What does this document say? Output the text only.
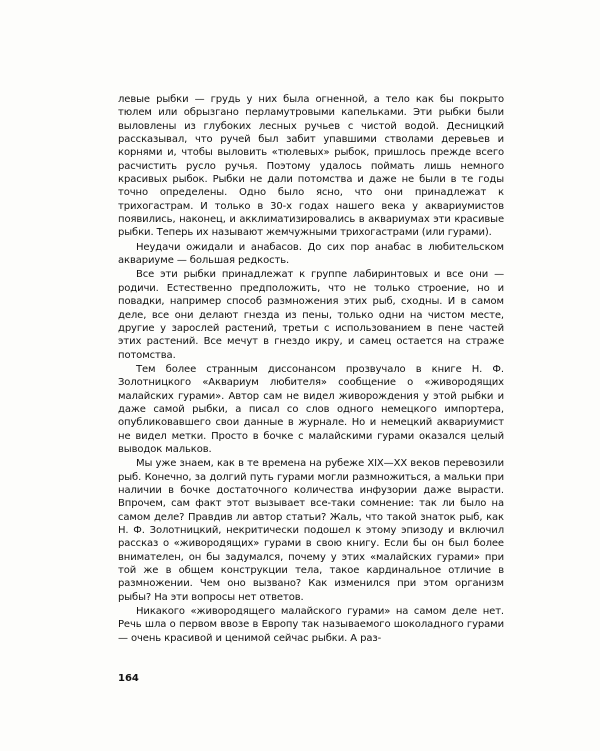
левые рыбки — грудь у них была огненной, а тело как бы покрыто тюлем или обрызгано перламутровыми капельками. Эти рыбки были выловлены из глубоких лесных ручьев с чистой водой. Десницкий рассказывал, что ручей был забит упавшими стволами деревьев и корнями и, чтобы выловить «тюлевых» рыбок, пришлось прежде всего расчистить русло ручья. Поэтому удалось поймать лишь немного красивых рыбок. Рыбки не дали потомства и даже не были в те годы точно определены. Одно было ясно, что они принадлежат к трихогастрам. И только в 30-х годах нашего века у аквариумистов появились, наконец, и акклиматизировались в аквариумах эти красивые рыбки. Теперь их называют жемчужными трихогастрами (или гурами).

Неудачи ожидали и анабасов. До сих пор анабас в любительском аквариуме — большая редкость.

Все эти рыбки принадлежат к группе лабиринтовых и все они — родичи. Естественно предположить, что не только строение, но и повадки, например способ размножения этих рыб, сходны. И в самом деле, все они делают гнезда из пены, только одни на чистом месте, другие у зарослей растений, третьи с использованием в пене частей этих растений. Все мечут в гнездо икру, и самец остается на страже потомства.

Тем более странным диссонансом прозвучало в книге Н. Ф. Золотницкого «Аквариум любителя» сообщение о «живородящих малайских гурами». Автор сам не видел живорождения у этой рыбки и даже самой рыбки, а писал со слов одного немецкого импортера, опубликовавшего свои данные в журнале. Но и немецкий аквариумист не видел метки. Просто в бочке с малайскими гурами оказался целый выводок мальков.

Мы уже знаем, как в те времена на рубеже XIX—XX веков перевозили рыб. Конечно, за долгий путь гурами могли размножиться, а мальки при наличии в бочке достаточного количества инфузории даже вырасти. Впрочем, сам факт этот вызывает все-таки сомнение: так ли было на самом деле? Правдив ли автор статьи? Жаль, что такой знаток рыб, как Н. Ф. Золотницкий, некритически подошел к этому эпизоду и включил рассказ о «живородящих» гурами в свою книгу. Если бы он был более внимателен, он бы задумался, почему у этих «малайских гурами» при той же в общем конструкции тела, такое кардинальное отличие в размножении. Чем оно вызвано? Как изменился при этом организм рыбы? На эти вопросы нет ответов.

Никакого «живородящего малайского гурами» на самом деле нет. Речь шла о первом ввозе в Европу так называемого шоколадного гурами — очень красивой и ценимой сейчас рыбки. А раз-

164
